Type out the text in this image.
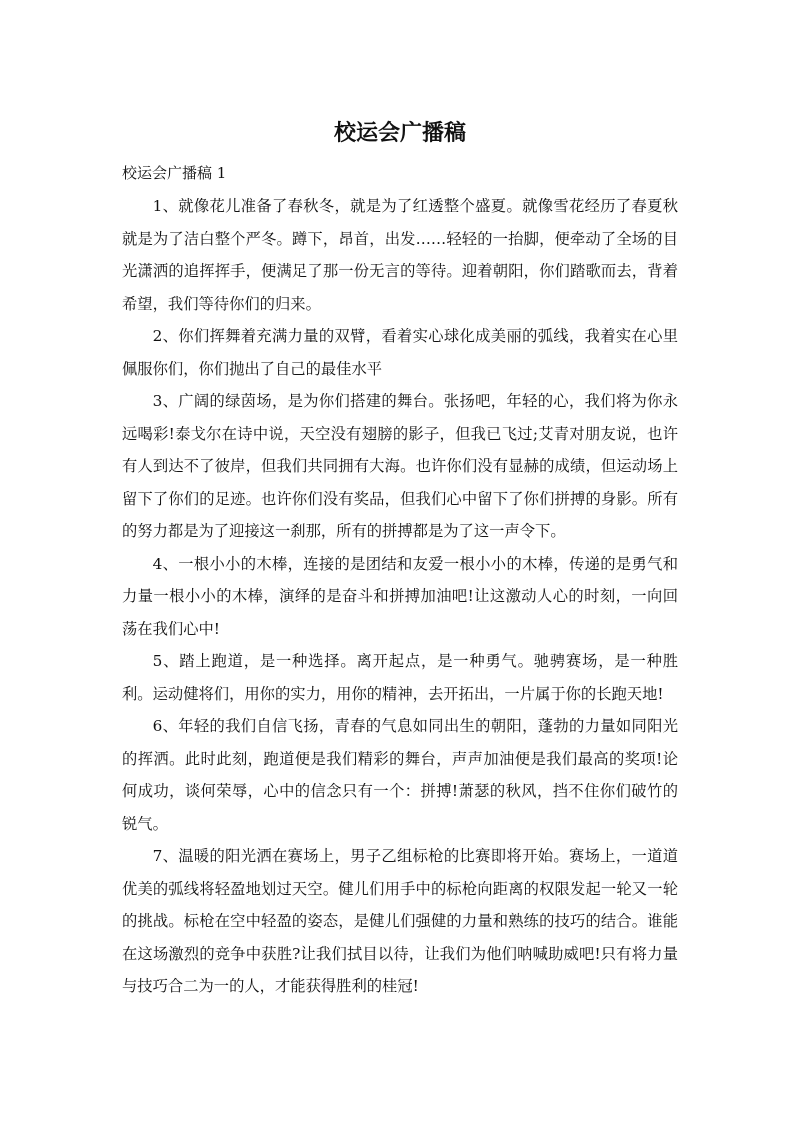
校运会广播稿

校运会广播稿 1

1、就像花儿准备了春秋冬，就是为了红透整个盛夏。就像雪花经历了春夏秋就是为了洁白整个严冬。蹲下，昂首，出发……轻轻的一抬脚，便牵动了全场的目光潇洒的追挥挥手，便满足了那一份无言的等待。迎着朝阳，你们踏歌而去，背着希望，我们等待你们的归来。

2、你们挥舞着充满力量的双臂，看着实心球化成美丽的弧线，我着实在心里佩服你们，你们抛出了自己的最佳水平

3、广阔的绿茵场，是为你们搭建的舞台。张扬吧，年轻的心，我们将为你永远喝彩!泰戈尔在诗中说，天空没有翅膀的影子，但我已飞过;艾青对朋友说，也许有人到达不了彼岸，但我们共同拥有大海。也许你们没有显赫的成绩，但运动场上留下了你们的足迹。也许你们没有奖品，但我们心中留下了你们拼搏的身影。所有的努力都是为了迎接这一刹那，所有的拼搏都是为了这一声令下。

4、一根小小的木棒，连接的是团结和友爱一根小小的木棒，传递的是勇气和力量一根小小的木棒，演绎的是奋斗和拼搏加油吧!让这激动人心的时刻，一向回荡在我们心中!

5、踏上跑道，是一种选择。离开起点，是一种勇气。驰骋赛场，是一种胜利。运动健将们，用你的实力，用你的精神，去开拓出，一片属于你的长跑天地!

6、年轻的我们自信飞扬，青春的气息如同出生的朝阳，蓬勃的力量如同阳光的挥洒。此时此刻，跑道便是我们精彩的舞台，声声加油便是我们最高的奖项!论何成功，谈何荣辱，心中的信念只有一个：拼搏!萧瑟的秋风，挡不住你们破竹的锐气。

7、温暖的阳光洒在赛场上，男子乙组标枪的比赛即将开始。赛场上，一道道优美的弧线将轻盈地划过天空。健儿们用手中的标枪向距离的权限发起一轮又一轮的挑战。标枪在空中轻盈的姿态，是健儿们强健的力量和熟练的技巧的结合。谁能在这场激烈的竞争中获胜?让我们拭目以待，让我们为他们呐喊助威吧!只有将力量与技巧合二为一的人，才能获得胜利的桂冠!
